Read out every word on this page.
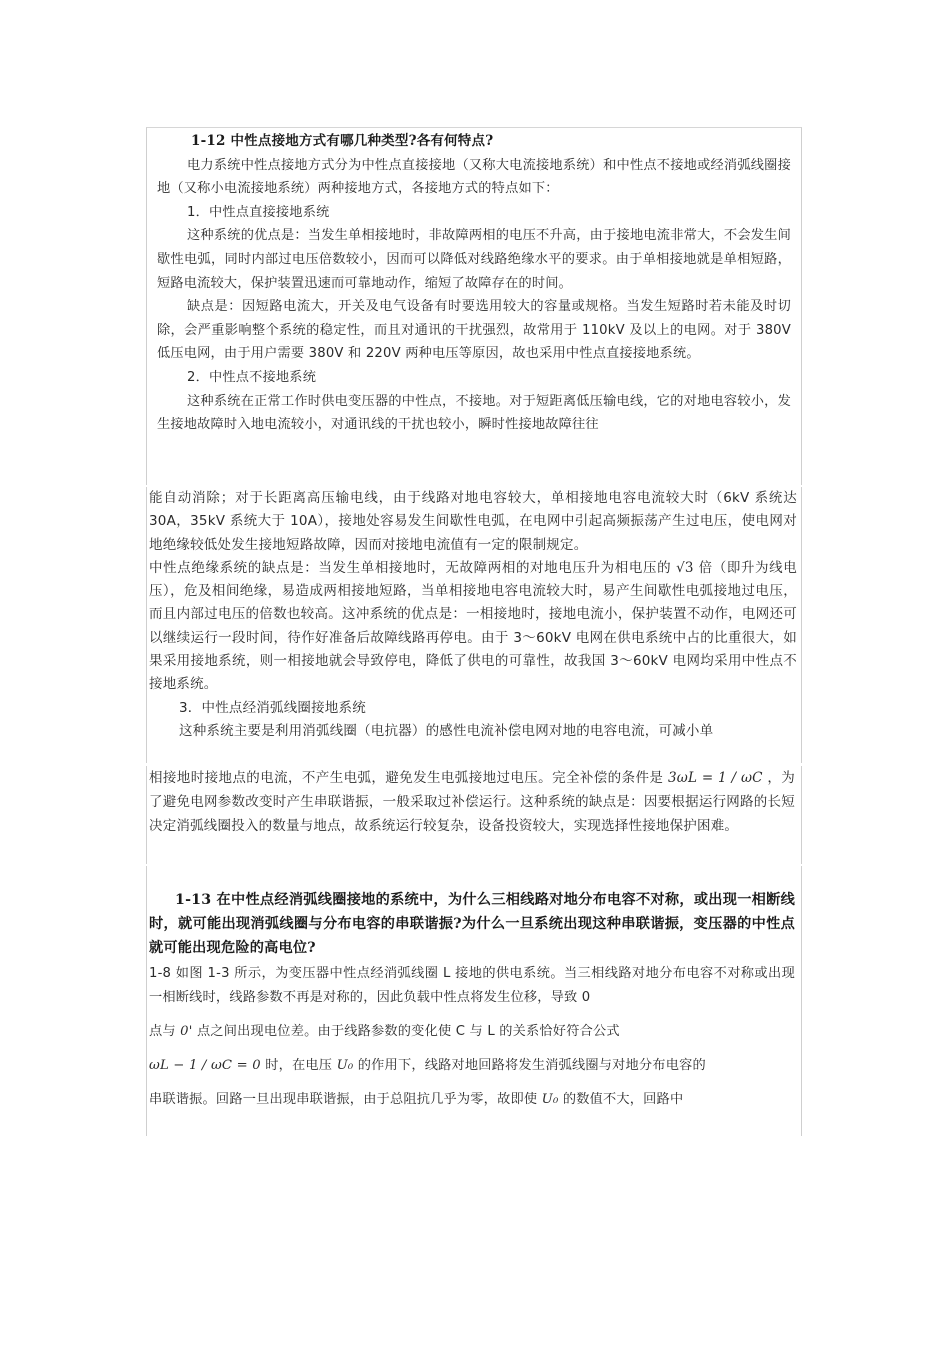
1-12 中性点接地方式有哪几种类型?各有何特点?
电力系统中性点接地方式分为中性点直接接地（又称大电流接地系统）和中性点不接地或经消弧线圈接地（又称小电流接地系统）两种接地方式，各接地方式的特点如下：
1．中性点直接接地系统
这种系统的优点是：当发生单相接地时，非故障两相的电压不升高，由于接地电流非常大，不会发生间歇性电弧，同时内部过电压倍数较小，因而可以降低对线路绝缘水平的要求。由于单相接地就是单相短路，短路电流较大，保护装置迅速而可靠地动作，缩短了故障存在的时间。
缺点是：因短路电流大，开关及电气设备有时要选用较大的容量或规格。当发生短路时若未能及时切除，会严重影响整个系统的稳定性，而且对通讯的干扰强烈，故常用于 110kV 及以上的电网。对于 380V 低压电网，由于用户需要 380V 和 220V 两种电压等原因，故也采用中性点直接接地系统。
2．中性点不接地系统
这种系统在正常工作时供电变压器的中性点，不接地。对于短距离低压输电线，它的对地电容较小，发生接地故障时入地电流较小，对通讯线的干扰也较小，瞬时性接地故障往往
能自动消除；对于长距离高压输电线，由于线路对地电容较大，单相接地电容电流较大时（6kV 系统达 30A，35kV 系统大于 10A），接地处容易发生间歇性电弧，在电网中引起高频振荡产生过电压，使电网对地绝缘较低处发生接地短路故障，因而对接地电流值有一定的限制规定。
中性点绝缘系统的缺点是：当发生单相接地时，无故障两相的对地电压升为相电压的 √3 倍（即升为线电压），危及相间绝缘，易造成两相接地短路，当单相接地电容电流较大时，易产生间歇性电弧接地过电压，而且内部过电压的倍数也较高。这冲系统的优点是：一相接地时，接地电流小，保护装置不动作，电网还可以继续运行一段时间，待作好准备后故障线路再停电。由于 3～60kV 电网在供电系统中占的比重很大，如果采用接地系统，则一相接地就会导致停电，降低了供电的可靠性，故我国 3～60kV 电网均采用中性点不接地系统。
3．中性点经消弧线圈接地系统
这种系统主要是利用消弧线圈（电抗器）的感性电流补偿电网对地的电容电流，可减小单
相接地时接地点的电流，不产生电弧，避免发生电弧接地过电压。完全补偿的条件是 3ωL = 1 / ωC ，为了避免电网参数改变时产生串联谐振，一般采取过补偿运行。这种系统的缺点是：因要根据运行网路的长短决定消弧线圈投入的数量与地点，故系统运行较复杂，设备投资较大，实现选择性接地保护困难。
1-13 在中性点经消弧线圈接地的系统中，为什么三相线路对地分布电容不对称，或出现一相断线时，就可能出现消弧线圈与分布电容的串联谐振?为什么一旦系统出现这种串联谐振，变压器的中性点就可能出现危险的高电位?
1-8 如图 1-3 所示，为变压器中性点经消弧线圈 L 接地的供电系统。当三相线路对地分布电容不对称或出现一相断线时，线路参数不再是对称的，因此负载中性点将发生位移，导致 0
点与 0' 点之间出现电位差。由于线路参数的变化使 C 与 L 的关系恰好符合公式
ωL − 1 / ωC = 0 时，在电压 U₀ 的作用下，线路对地回路将发生消弧线圈与对地分布电容的
串联谐振。回路一旦出现串联谐振，由于总阻抗几乎为零，故即使 U₀ 的数值不大，回路中
